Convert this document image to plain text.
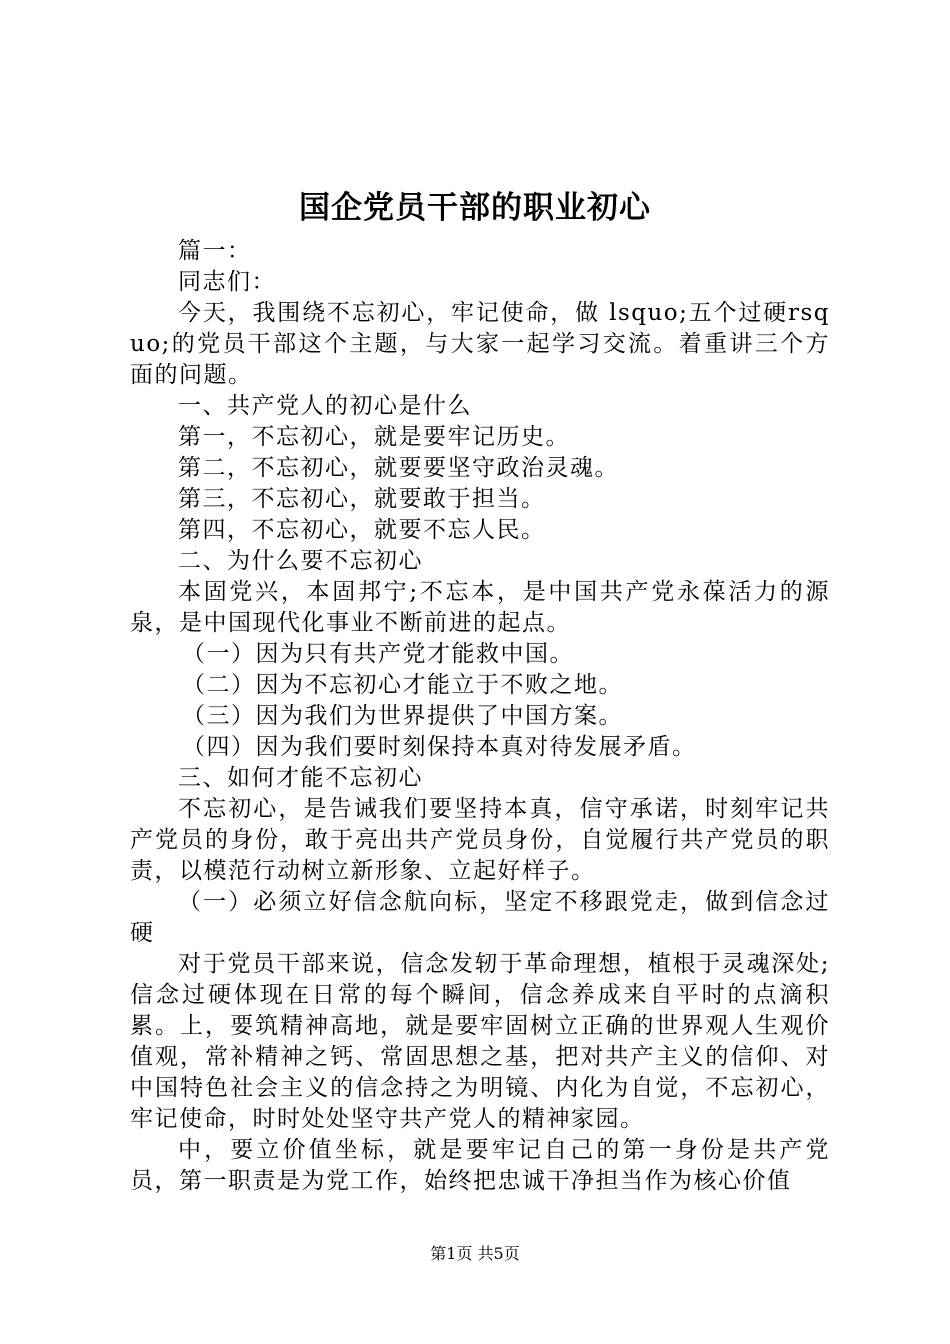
国企党员干部的职业初心

篇一：

同志们：

今天，我围绕不忘初心，牢记使命，做 lsquo;五个过硬rsquo;的党员干部这个主题，与大家一起学习交流。着重讲三个方面的问题。

一、共产党人的初心是什么

第一，不忘初心，就是要牢记历史。

第二，不忘初心，就要要坚守政治灵魂。

第三，不忘初心，就要敢于担当。

第四，不忘初心，就要不忘人民。

二、为什么要不忘初心

本固党兴，本固邦宁;不忘本，是中国共产党永葆活力的源泉，是中国现代化事业不断前进的起点。

（一）因为只有共产党才能救中国。

（二）因为不忘初心才能立于不败之地。

（三）因为我们为世界提供了中国方案。

（四）因为我们要时刻保持本真对待发展矛盾。

三、如何才能不忘初心

不忘初心，是告诫我们要坚持本真，信守承诺，时刻牢记共产党员的身份，敢于亮出共产党员身份，自觉履行共产党员的职责，以模范行动树立新形象、立起好样子。

（一）必须立好信念航向标，坚定不移跟党走，做到信念过硬

对于党员干部来说，信念发轫于革命理想，植根于灵魂深处;信念过硬体现在日常的每个瞬间，信念养成来自平时的点滴积累。上，要筑精神高地，就是要牢固树立正确的世界观人生观价值观，常补精神之钙、常固思想之基，把对共产主义的信仰、对中国特色社会主义的信念持之为明镜、内化为自觉，不忘初心，牢记使命，时时处处坚守共产党人的精神家园。

中，要立价值坐标，就是要牢记自己的第一身份是共产党员，第一职责是为党工作，始终把忠诚干净担当作为核心价值

第1页 共5页
